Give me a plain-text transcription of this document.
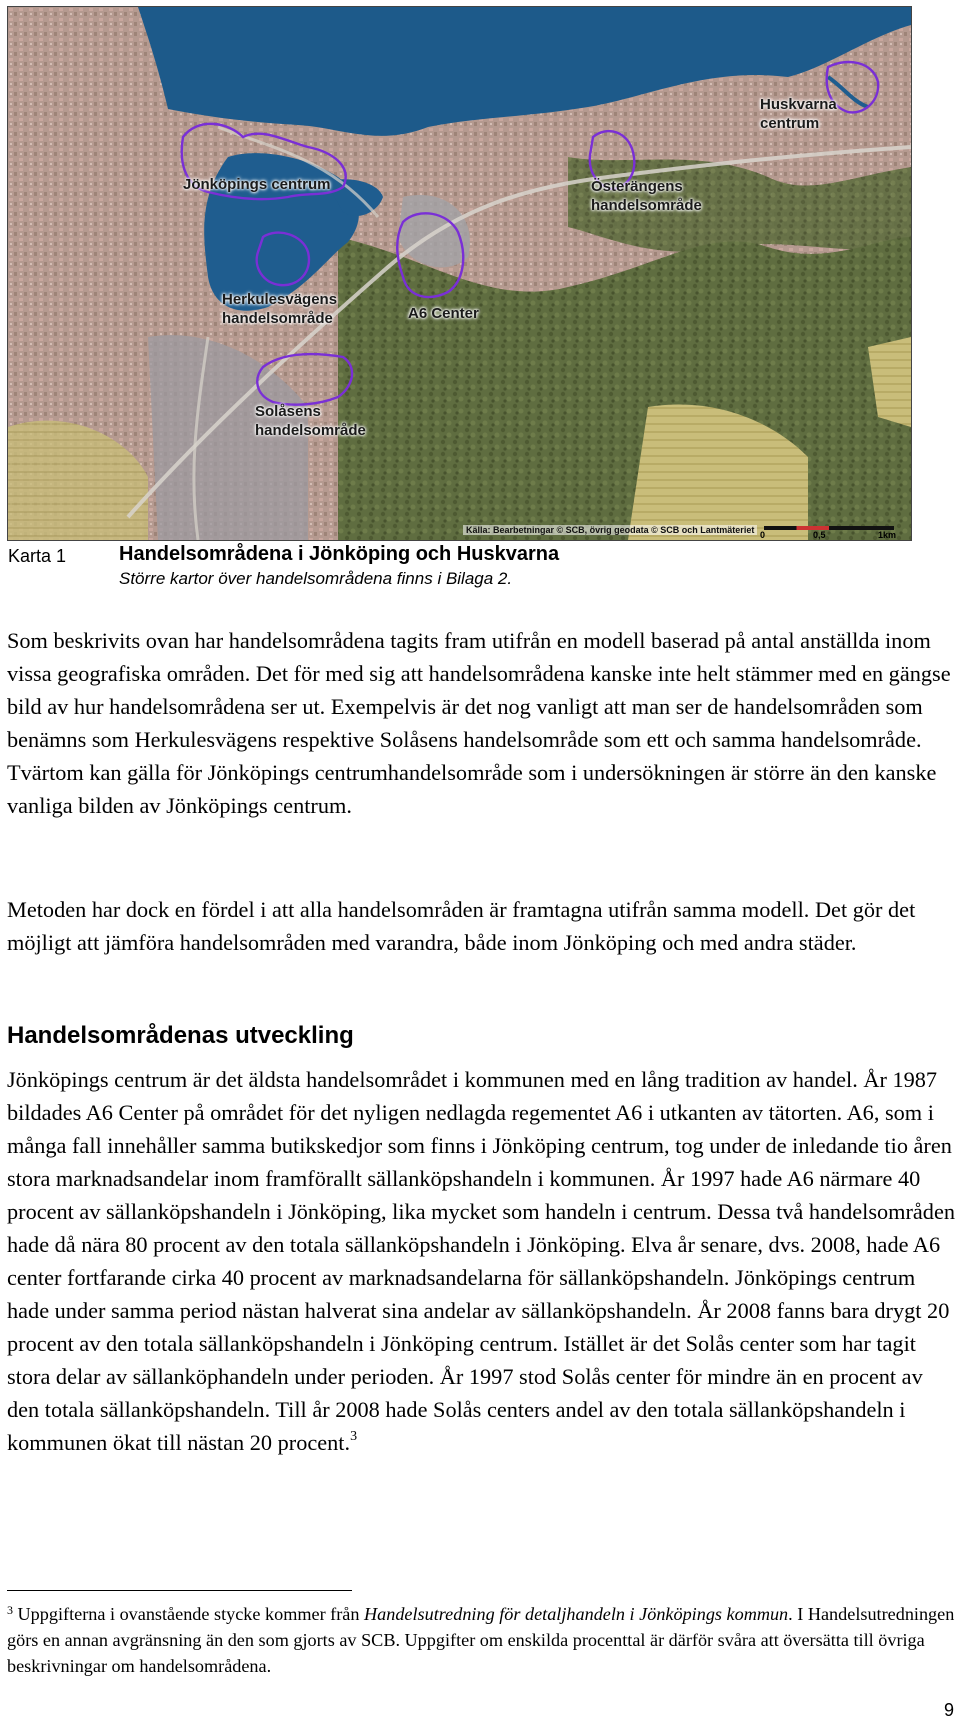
Jönköpings centrum	Österängens
handelsområde
Huskvarna
centrum
Herkulesvägens
handelsområde	A6 Center
Solåsens
handelsområde
Källa: Bearbetningar © SCB, övrig geodata © SCB och Lantmäteriet 0	0,5	1km
Karta 1	Handelsområdena i Jönköping och Huskvarna
Större kartor över handelsområdena finns i Bilaga 2.

Som beskrivits ovan har handelsområdena tagits fram utifrån en modell baserad på antal anställda inom vissa geografiska områden. Det för med sig att handelsområdena kanske inte helt stämmer med en gängse bild av hur handelsområdena ser ut. Exempelvis är det nog vanligt att man ser de handelsområden som benämns som Herkulesvägens respektive Solåsens handelsområde som ett och samma handelsområde. Tvärtom kan gälla för Jönköpings centrumhandelsområde som i undersökningen är större än den kanske vanliga bilden av Jönköpings centrum.

Metoden har dock en fördel i att alla handelsområden är framtagna utifrån samma modell. Det gör det möjligt att jämföra handelsområden med varandra, både inom Jönköping och med andra städer.

Handelsområdenas utveckling

Jönköpings centrum är det äldsta handelsområdet i kommunen med en lång tradition av handel. År 1987 bildades A6 Center på området för det nyligen nedlagda regementet A6 i utkanten av tätorten. A6, som i många fall innehåller samma butikskedjor som finns i Jönköping centrum, tog under de inledande tio åren stora marknadsandelar inom framförallt sällanköpshandeln i kommunen. År 1997 hade A6 närmare 40 procent av sällanköpshandeln i Jönköping, lika mycket som handeln i centrum. Dessa två handelsområden hade då nära 80 procent av den totala sällanköpshandeln i Jönköping. Elva år senare, dvs. 2008, hade A6 center fortfarande cirka 40 procent av marknadsandelarna för sällanköpshandeln. Jönköpings centrum hade under samma period nästan halverat sina andelar av sällanköpshandeln. År 2008 fanns bara drygt 20 procent av den totala sällanköpshandeln i Jönköping centrum. Istället är det Solås center som har tagit stora delar av sällanköphandeln under perioden. År 1997 stod Solås center för mindre än en procent av den totala sällanköpshandeln. Till år 2008 hade Solås centers andel av den totala sällanköpshandeln i kommunen ökat till nästan 20 procent.$^3$

$^3$ Uppgifterna i ovanstående stycke kommer från Handelsutredning för detaljhandeln i Jönköpings kommun. I Handelsutredningen görs en annan avgränsning än den som gjorts av SCB. Uppgifter om enskilda procenttal är därför svåra att översätta till övriga beskrivningar om handelsområdena.
9
